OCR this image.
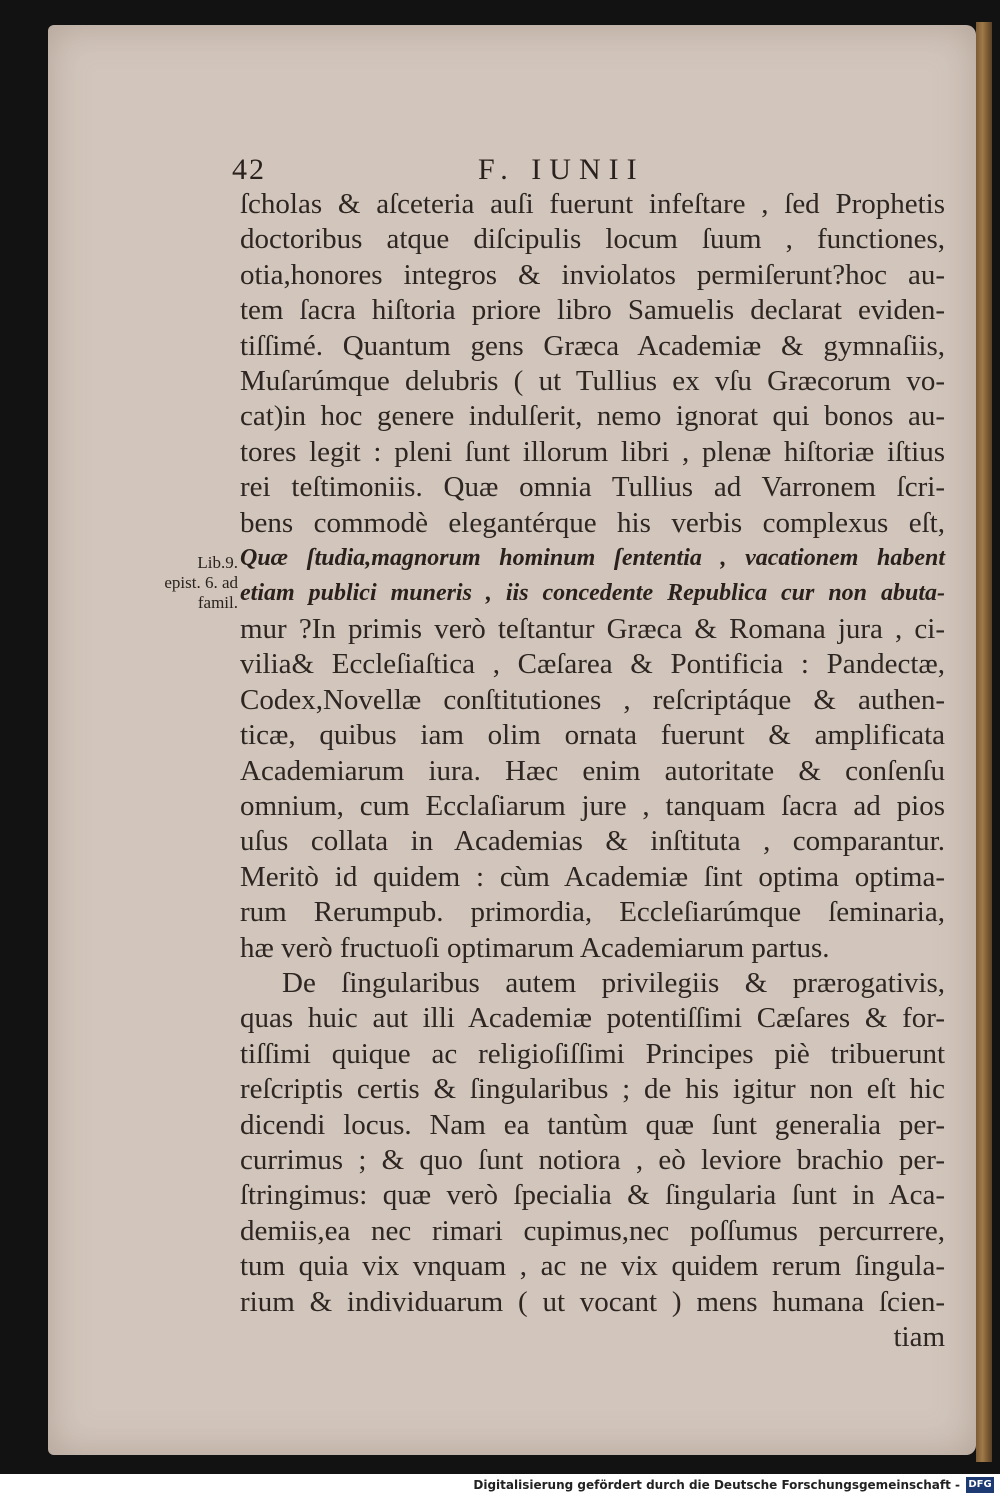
42	F. IUNII
Lib.9.
epist. 6. ad
famil.
ſcholas & aſceteria auſi fuerunt infeſtare , ſed Prophetis
doctoribus atque diſcipulis locum ſuum , functiones,
otia,honores integros & inviolatos permiſerunt?hoc au-
tem ſacra hiſtoria priore libro Samuelis declarat eviden-
tiſſimé. Quantum gens Græca Academiæ & gymnaſiis,
Muſarúmque delubris ( ut Tullius ex vſu Græcorum vo-
cat)in hoc genere indulſerit, nemo ignorat qui bonos au-
tores legit : pleni ſunt illorum libri , plenæ hiſtoriæ iſtius
rei teſtimoniis. Quæ omnia Tullius ad Varronem ſcri-
bens commodè elegantérque his verbis complexus eſt,
Quæ ſtudia,magnorum hominum ſententia , vacationem habent
etiam publici muneris , iis concedente Republica cur non abuta-
mur ?In primis verò teſtantur Græca & Romana jura , ci-
vilia& Eccleſiaſtica , Cæſarea & Pontificia : Pandectæ,
Codex,Novellæ conſtitutiones , reſcriptáque & authen-
ticæ, quibus iam olim ornata fuerunt & amplificata
Academiarum iura. Hæc enim autoritate & conſenſu
omnium, cum Ecclaſiarum jure , tanquam ſacra ad pios
uſus collata in Academias & inſtituta , comparantur.
Meritò id quidem : cùm Academiæ ſint optima optima-
rum Rerumpub. primordia, Eccleſiarúmque ſeminaria,
hæ verò fructuoſi optimarum Academiarum partus.
De ſingularibus autem privilegiis & prærogativis,
quas huic aut illi Academiæ potentiſſimi Cæſares & for-
tiſſimi quique ac religioſiſſimi Principes piè tribuerunt
reſcriptis certis & ſingularibus ; de his igitur non eſt hic
dicendi locus. Nam ea tantùm quæ ſunt generalia per-
currimus ; & quo ſunt notiora , eò leviore brachio per-
ſtringimus: quæ verò ſpecialia & ſingularia ſunt in Aca-
demiis,ea nec rimari cupimus,nec poſſumus percurrere,
tum quia vix vnquam , ac ne vix quidem rerum ſingula-
rium & individuarum ( ut vocant ) mens humana ſcien-
tiam
Digitalisierung gefördert durch die Deutsche Forschungsgemeinschaft - DFG
